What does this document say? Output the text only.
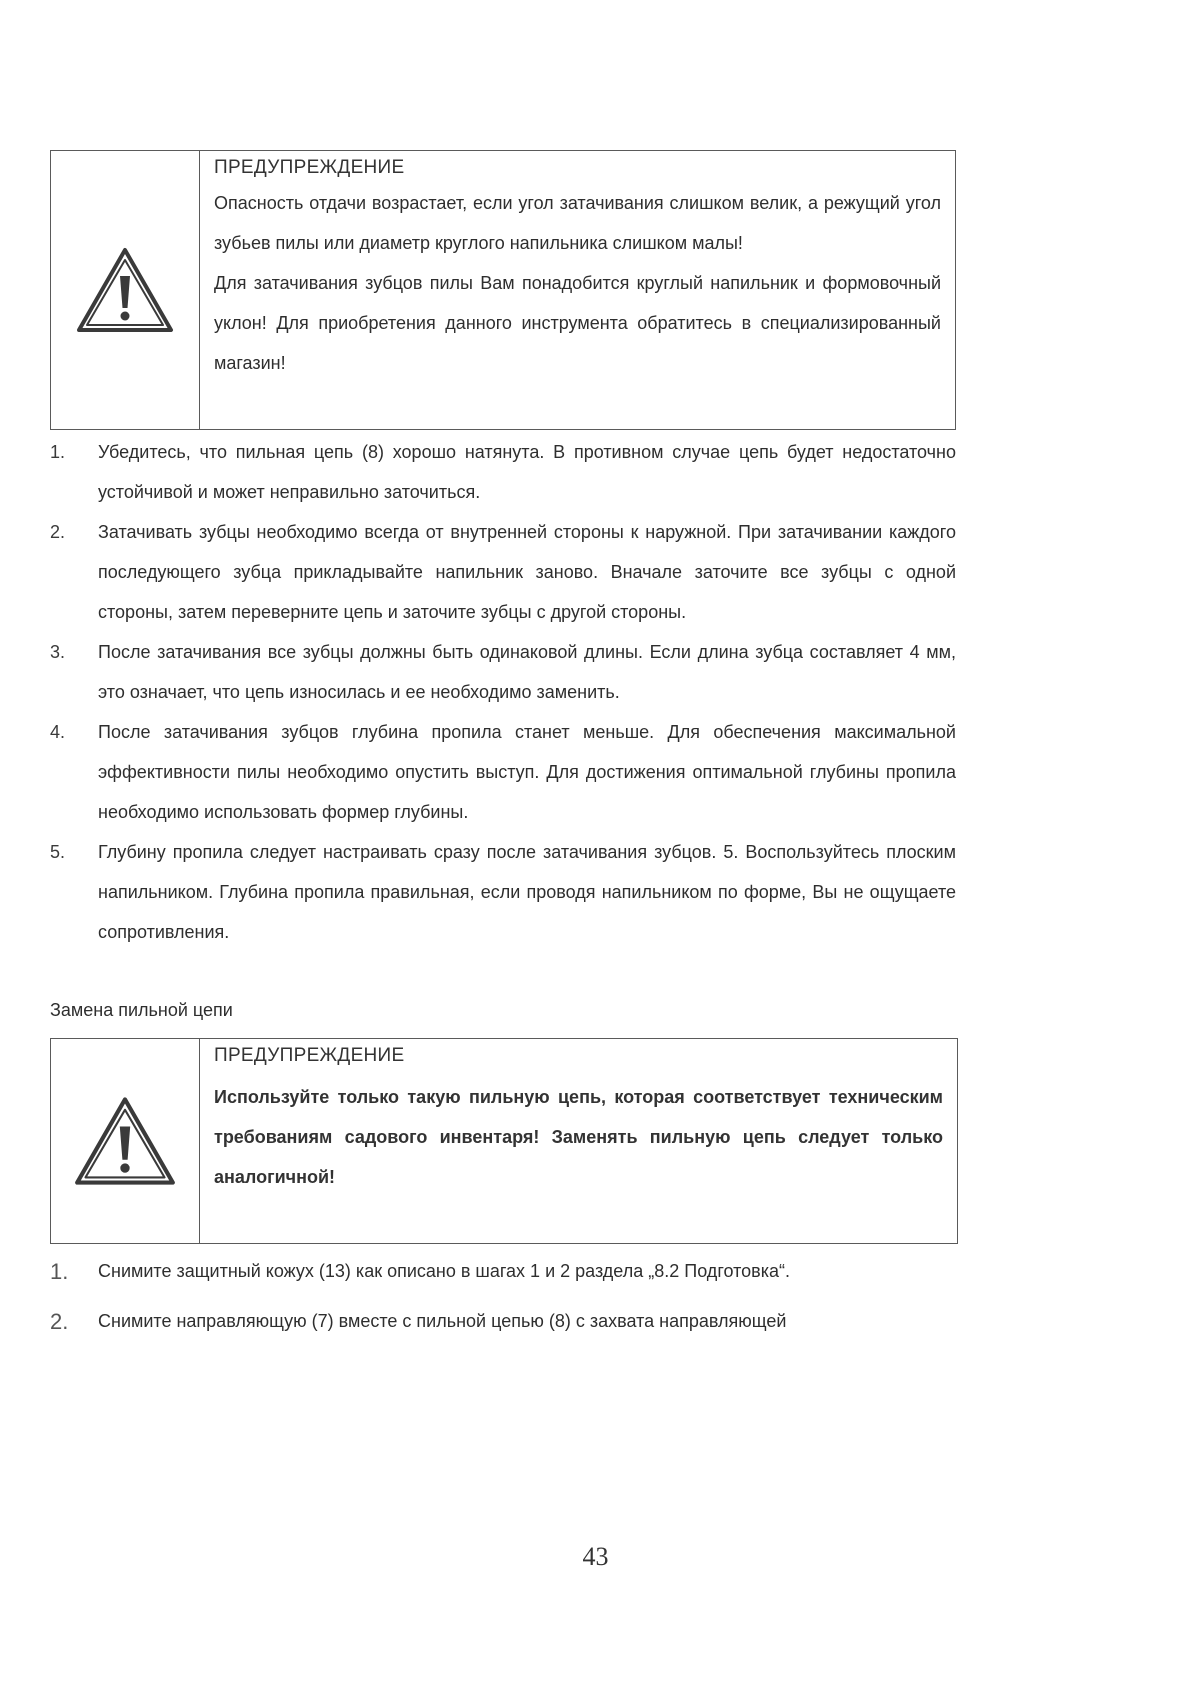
ПРЕДУПРЕЖДЕНИЕ

Опасность отдачи возрастает, если угол затачивания слишком велик, а режущий угол зубьев пилы или диаметр круглого напильника слишком малы!

Для затачивания зубцов пилы Вам понадобится круглый напильник и формовочный уклон! Для приобретения данного инструмента обратитесь в специализированный магазин!

1.	Убедитесь, что пильная цепь (8) хорошо натянута. В противном случае цепь будет недостаточно устойчивой и может неправильно заточиться.
2.	Затачивать зубцы необходимо всегда от внутренней стороны к наружной. При затачивании каждого последующего зубца прикладывайте напильник заново. Вначале заточите все зубцы с одной стороны, затем переверните цепь и заточите зубцы с другой стороны.
3.	После затачивания все зубцы должны быть одинаковой длины. Если длина зубца составляет 4 мм, это означает, что цепь износилась и ее необходимо заменить.
4.	После затачивания зубцов глубина пропила станет меньше. Для обеспечения максимальной эффективности пилы необходимо опустить выступ. Для достижения оптимальной глубины пропила необходимо использовать формер глубины.
5.	Глубину пропила следует настраивать сразу после затачивания зубцов. 5. Воспользуйтесь плоским напильником. Глубина пропила правильная, если проводя напильником по форме, Вы не ощущаете сопротивления.

Замена пильной цепи

ПРЕДУПРЕЖДЕНИЕ

Используйте только такую пильную цепь, которая соответствует техническим требованиям садового инвентаря! Заменять пильную цепь следует только аналогичной!

1.	Снимите защитный кожух (13) как описано в шагах 1 и 2 раздела „8.2 Подготовка“.
2.	Снимите направляющую (7) вместе с пильной цепью (8) с захвата направляющей

43
